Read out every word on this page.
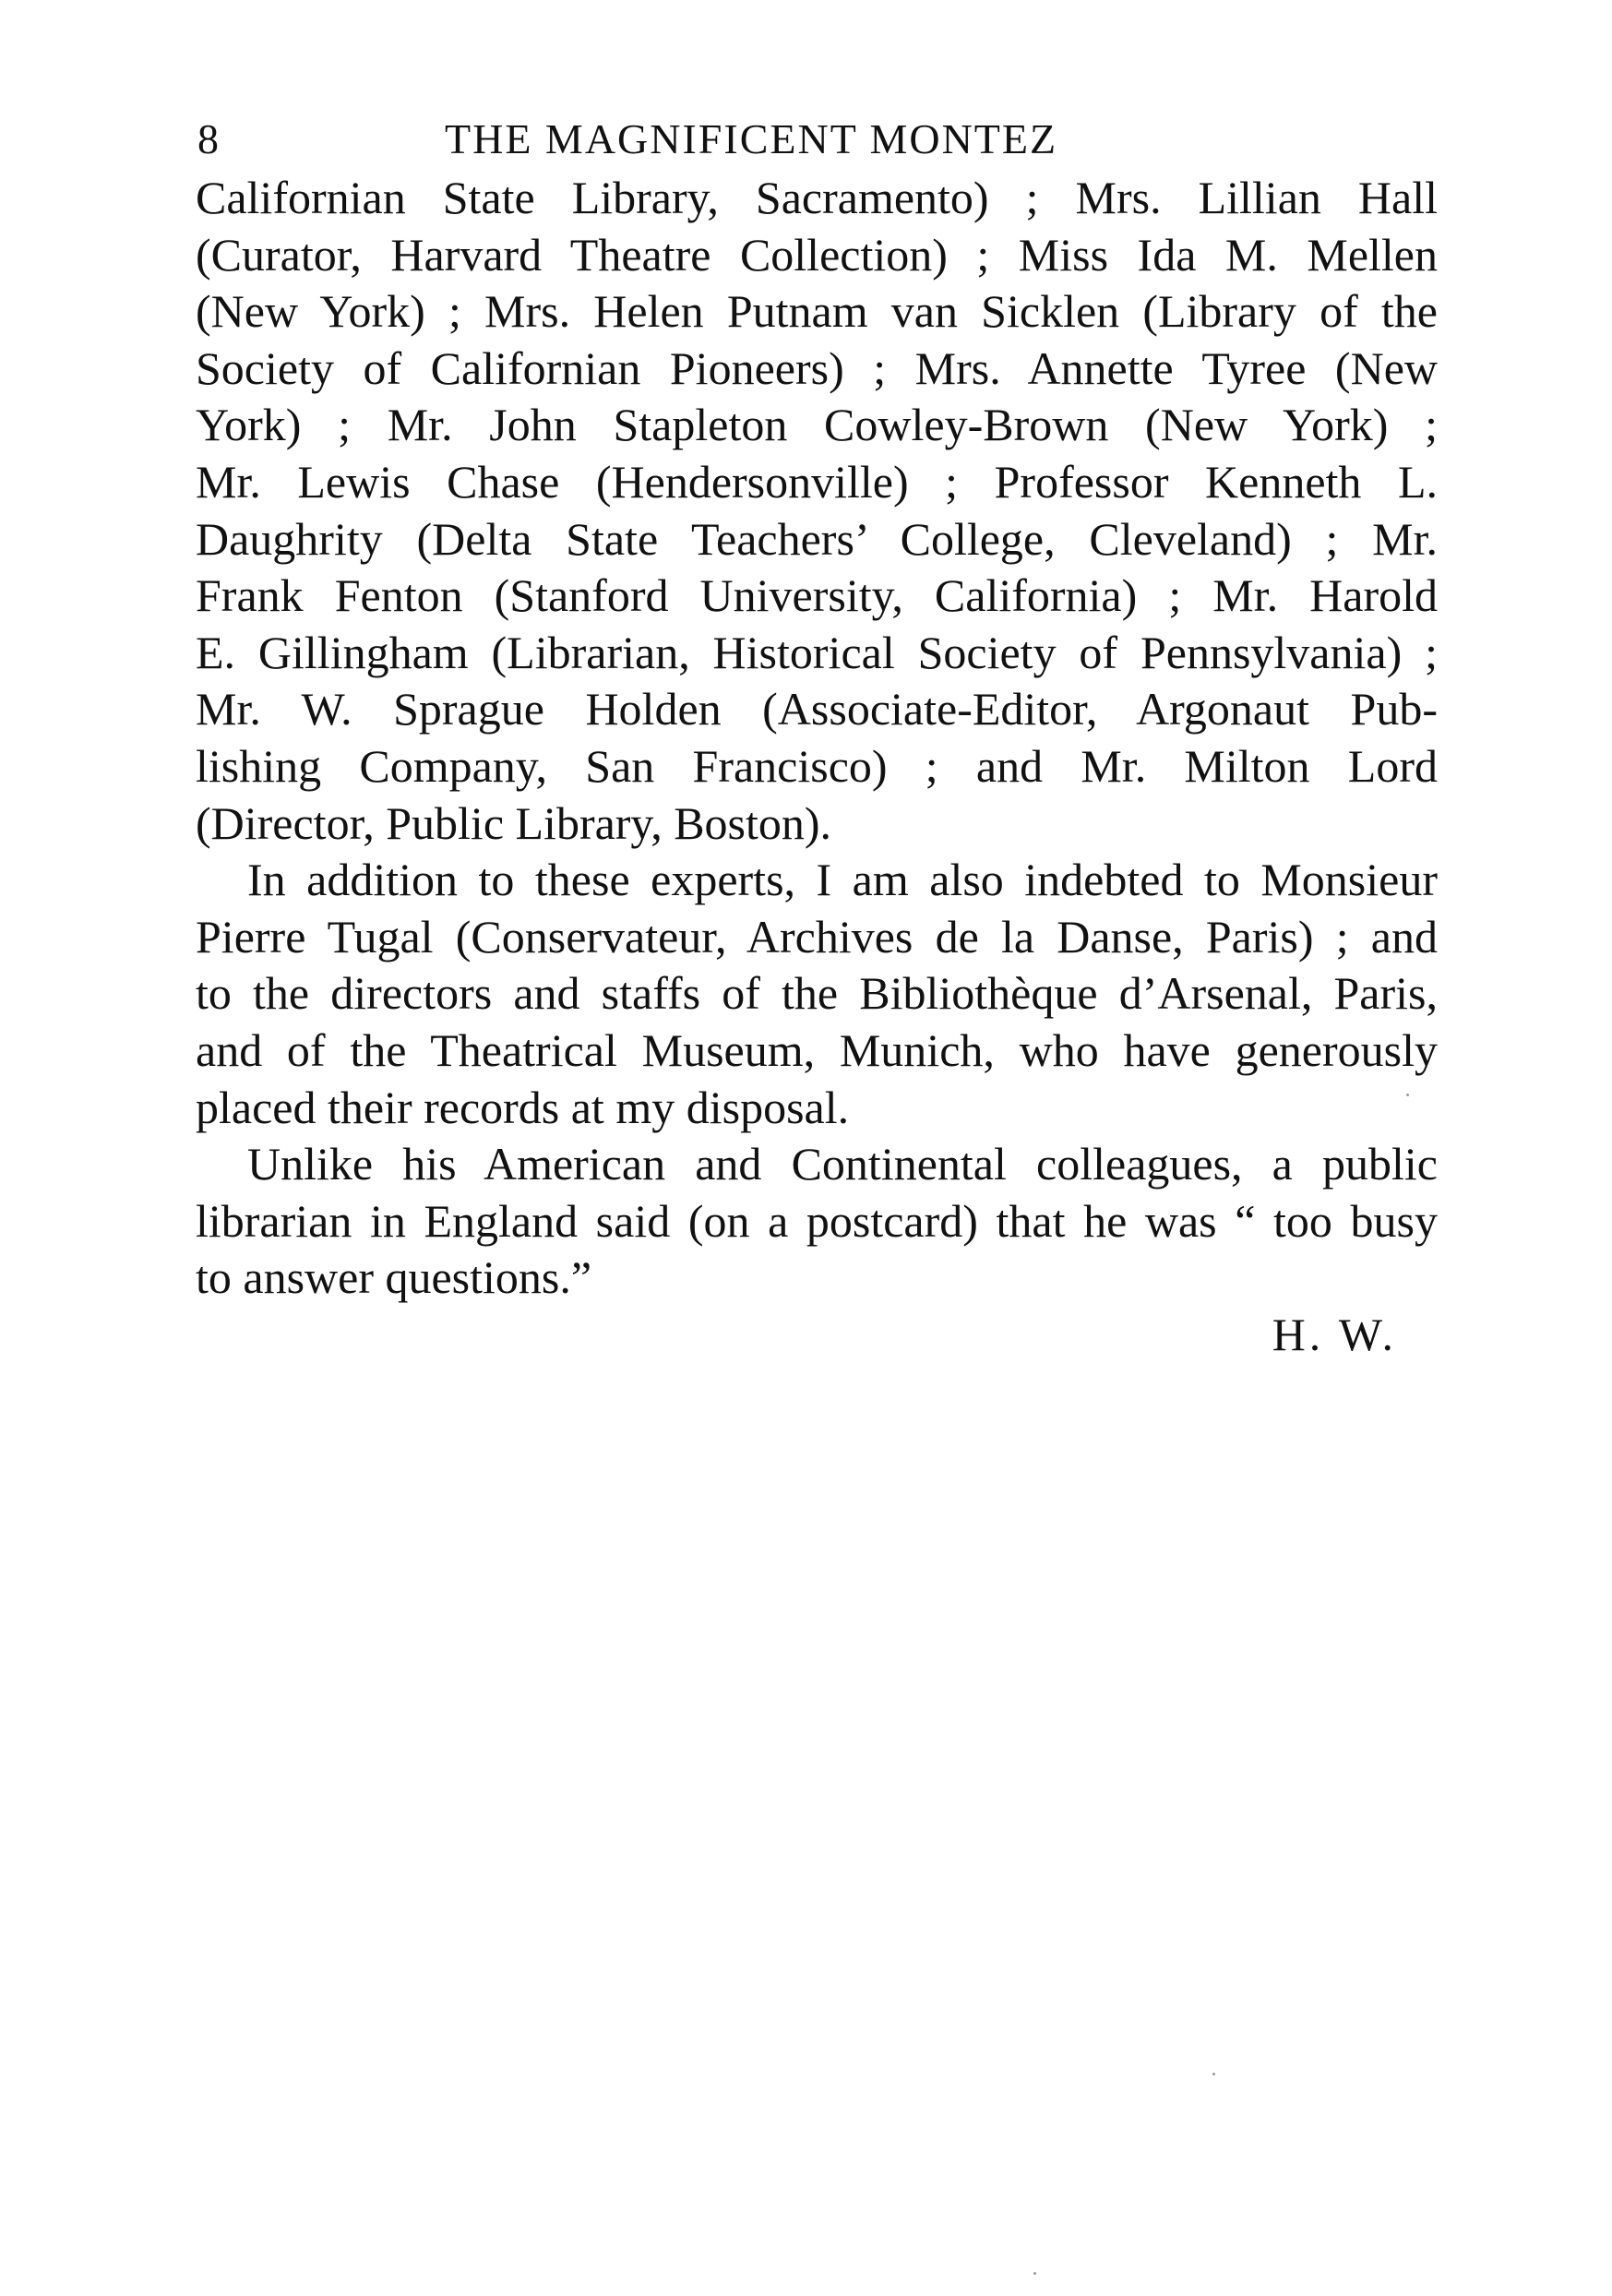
8	THE MAGNIFICENT MONTEZ
Californian State Library, Sacramento) ; Mrs. Lillian Hall
(Curator, Harvard Theatre Collection) ; Miss Ida M. Mellen
(New York) ; Mrs. Helen Putnam van Sicklen (Library of the
Society of Californian Pioneers) ; Mrs. Annette Tyree (New
York) ; Mr. John Stapleton Cowley-Brown (New York) ;
Mr. Lewis Chase (Hendersonville) ; Professor Kenneth L.
Daughrity (Delta State Teachers’ College, Cleveland) ; Mr.
Frank Fenton (Stanford University, California) ; Mr. Harold
E. Gillingham (Librarian, Historical Society of Pennsylvania) ;
Mr. W. Sprague Holden (Associate-Editor, Argonaut Pub-
lishing Company, San Francisco) ; and Mr. Milton Lord
(Director, Public Library, Boston).
In addition to these experts, I am also indebted to Monsieur
Pierre Tugal (Conservateur, Archives de la Danse, Paris) ; and
to the directors and staffs of the Bibliothèque d’Arsenal, Paris,
and of the Theatrical Museum, Munich, who have generously
placed their records at my disposal.
Unlike his American and Continental colleagues, a public
librarian in England said (on a postcard) that he was “ too busy
to answer questions.”
H. W.
